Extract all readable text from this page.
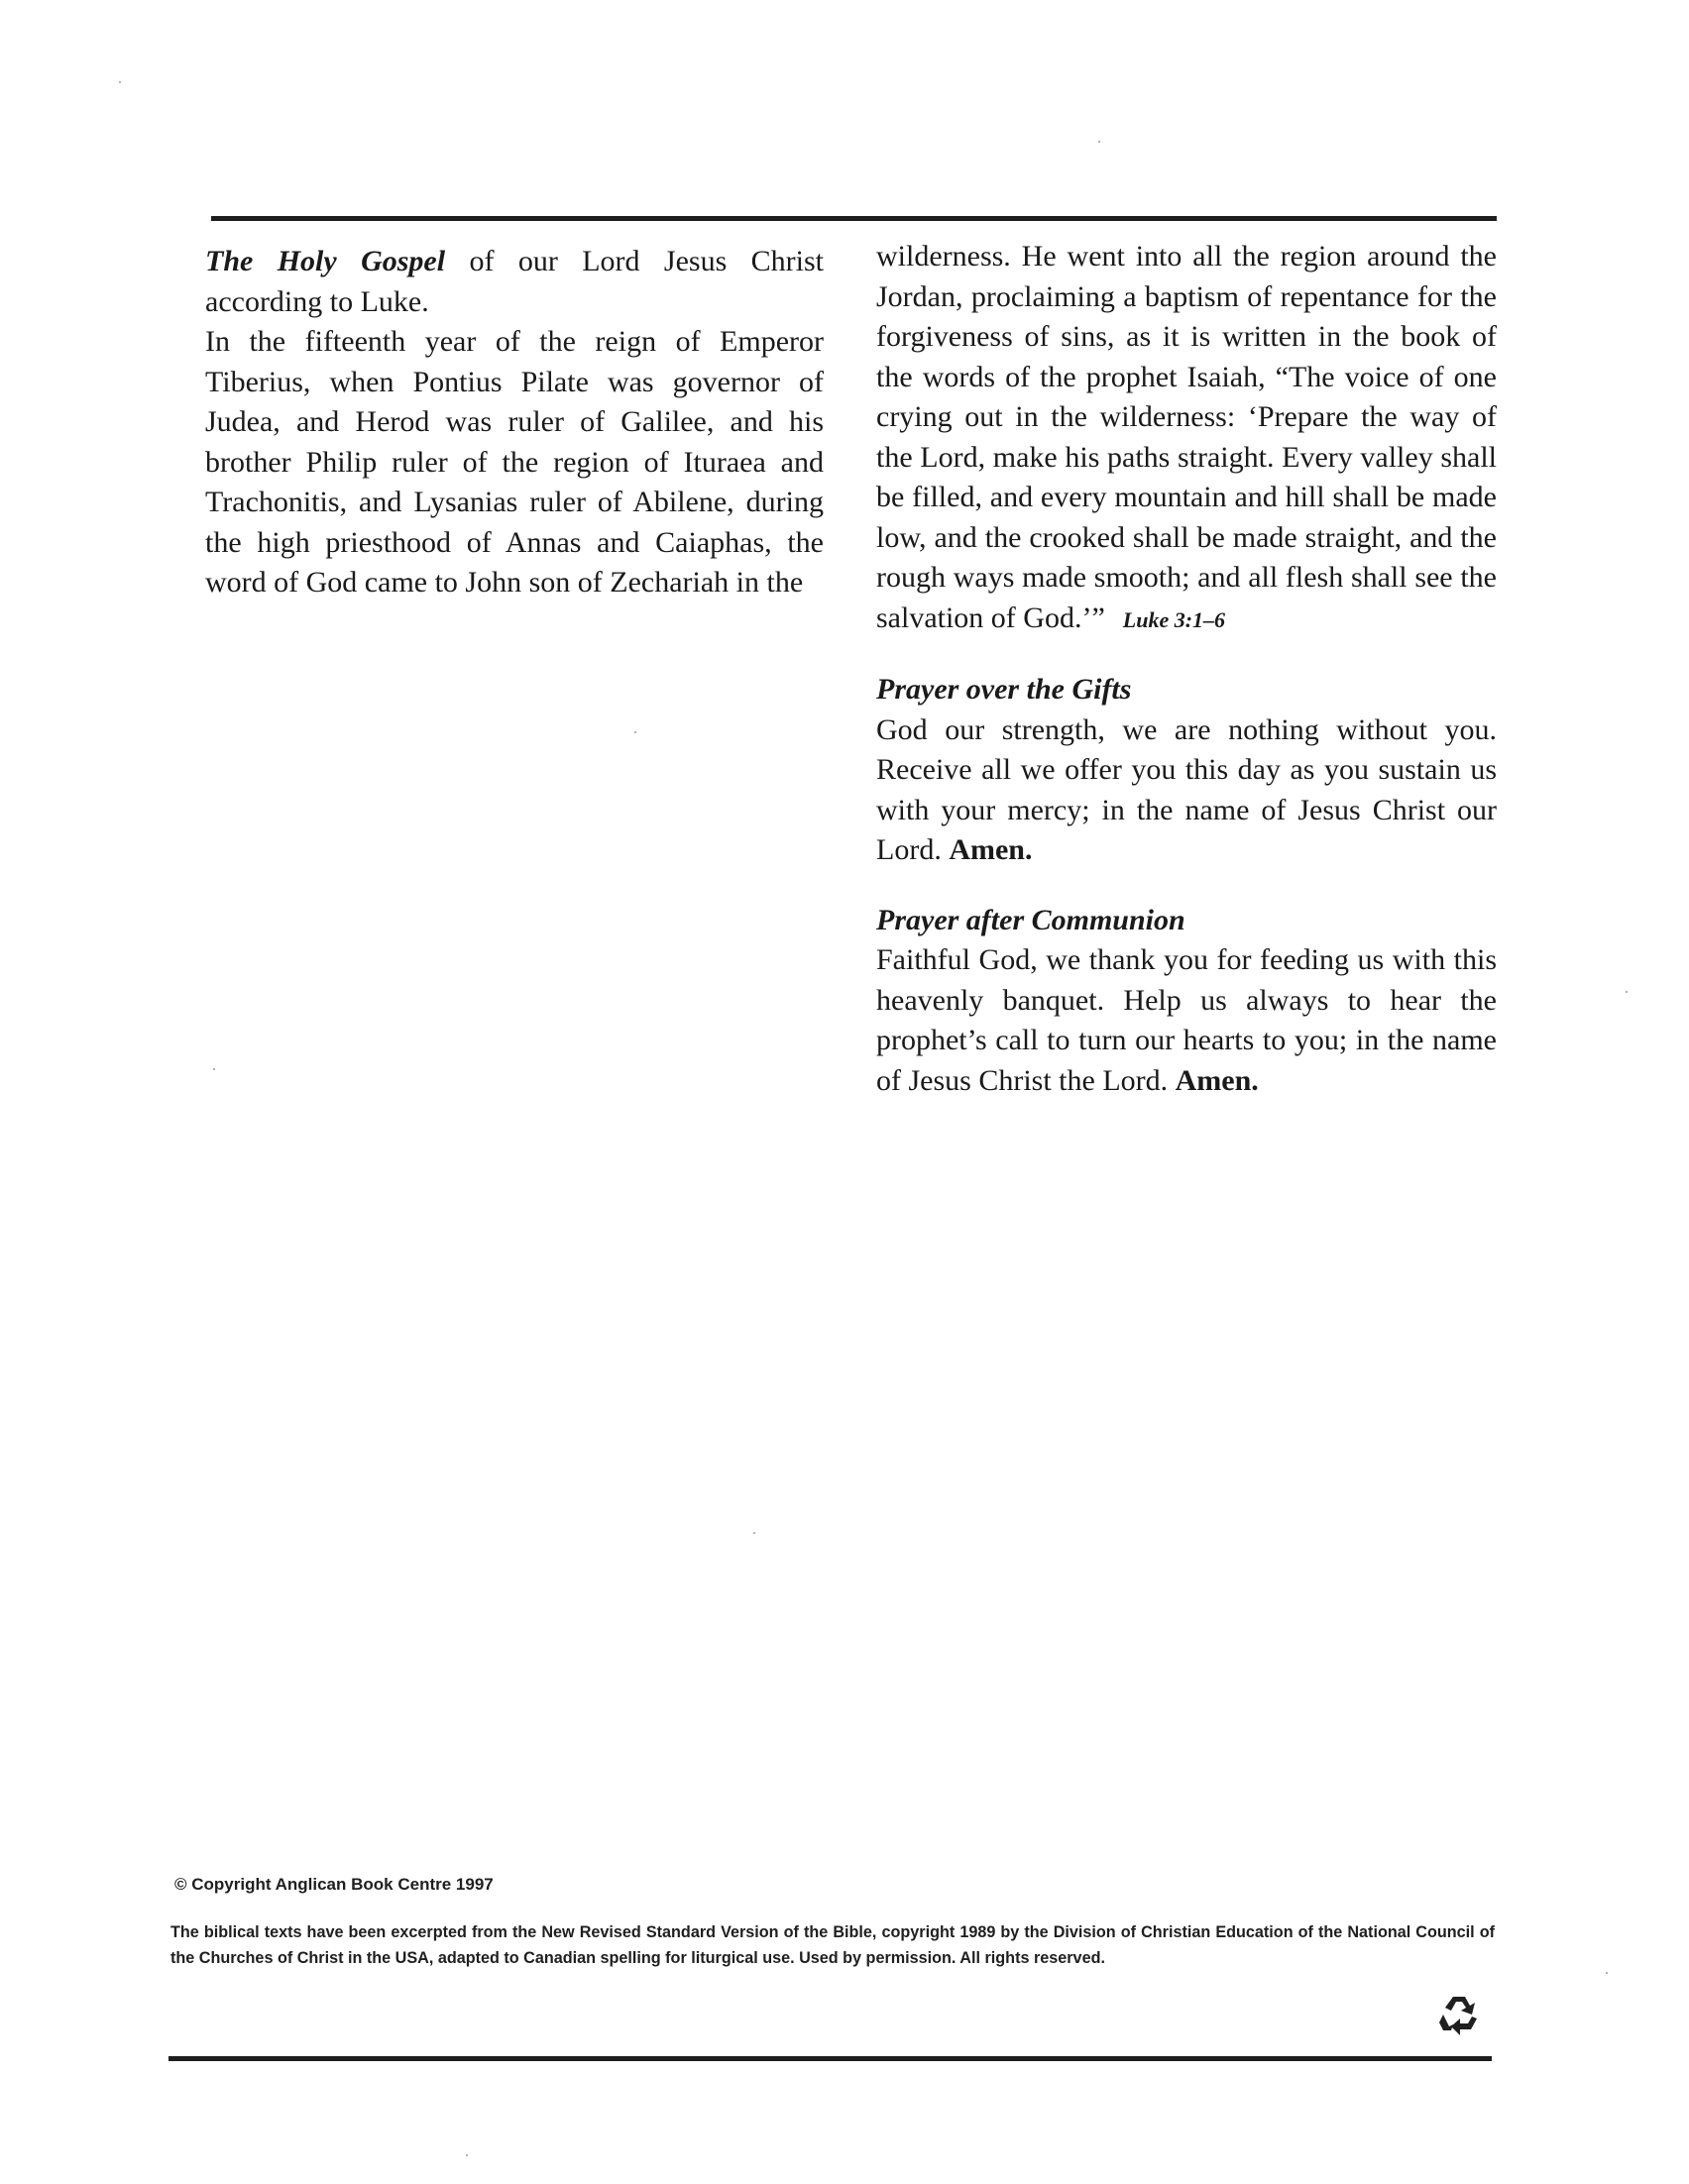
The Holy Gospel of our Lord Jesus Christ according to Luke.

In the fifteenth year of the reign of Emperor Tiberius, when Pontius Pilate was governor of Judea, and Herod was ruler of Galilee, and his brother Philip ruler of the region of Ituraea and Trachonitis, and Lysanias ruler of Abilene, during the high priesthood of Annas and Caiaphas, the word of God came to John son of Zechariah in the

wilderness. He went into all the region around the Jordan, proclaiming a baptism of repentance for the forgiveness of sins, as it is written in the book of the words of the prophet Isaiah, “The voice of one crying out in the wilderness: ‘Prepare the way of the Lord, make his paths straight. Every valley shall be filled, and every mountain and hill shall be made low, and the crooked shall be made straight, and the rough ways made smooth; and all flesh shall see the salvation of God.’” Luke 3:1–6

Prayer over the Gifts
God our strength, we are nothing without you. Receive all we offer you this day as you sustain us with your mercy; in the name of Jesus Christ our Lord. Amen.

Prayer after Communion
Faithful God, we thank you for feeding us with this heavenly banquet. Help us always to hear the prophet’s call to turn our hearts to you; in the name of Jesus Christ the Lord. Amen.

© Copyright Anglican Book Centre 1997
The biblical texts have been excerpted from the New Revised Standard Version of the Bible, copyright 1989 by the Division of Christian Education of the National Council of the Churches of Christ in the USA, adapted to Canadian spelling for liturgical use. Used by permission. All rights reserved.
